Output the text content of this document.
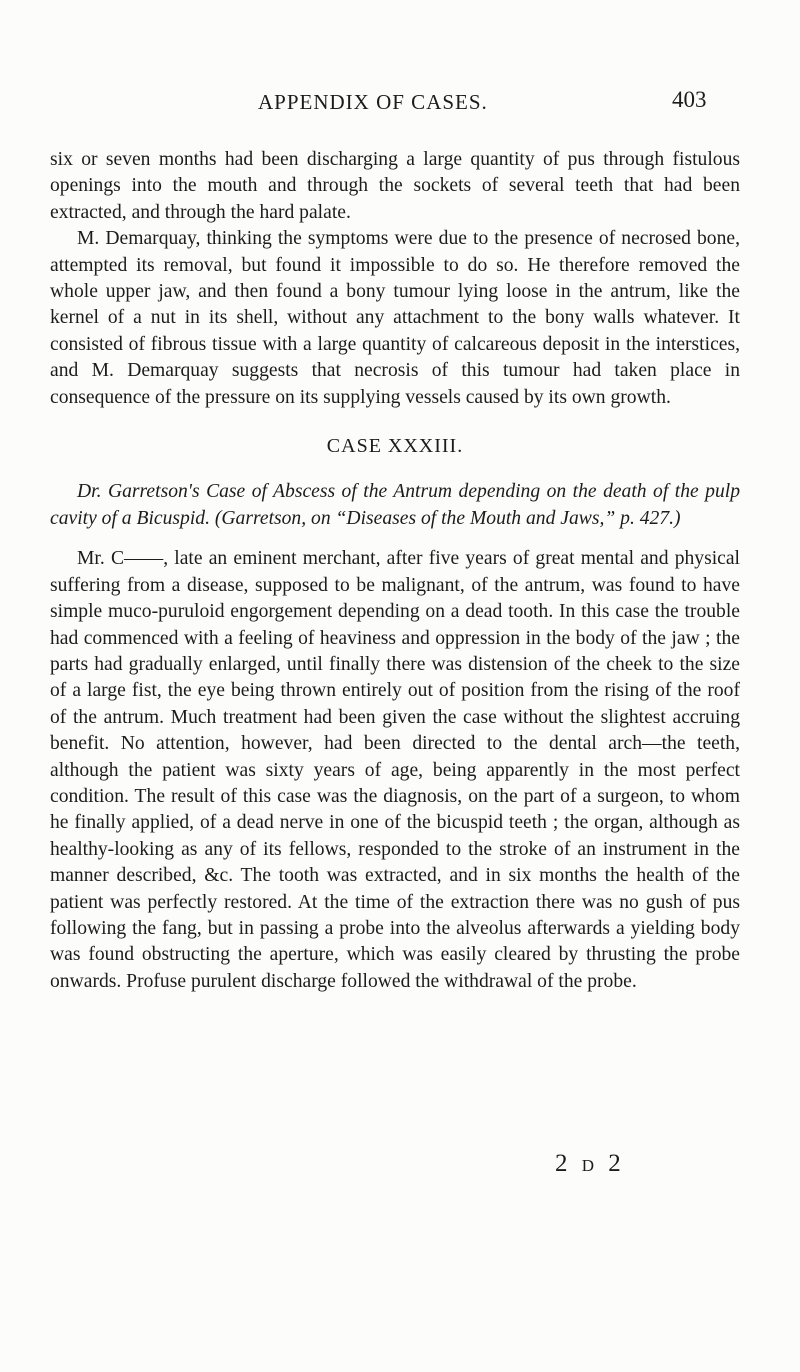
APPENDIX OF CASES.	403

six or seven months had been discharging a large quantity of pus through fistulous openings into the mouth and through the sockets of several teeth that had been extracted, and through the hard palate.

M. Demarquay, thinking the symptoms were due to the presence of necrosed bone, attempted its removal, but found it impossible to do so. He therefore removed the whole upper jaw, and then found a bony tumour lying loose in the antrum, like the kernel of a nut in its shell, without any attachment to the bony walls whatever. It consisted of fibrous tissue with a large quantity of calcareous deposit in the interstices, and M. Demarquay suggests that necrosis of this tumour had taken place in consequence of the pressure on its supplying vessels caused by its own growth.

CASE XXXIII.

Dr. Garretson's Case of Abscess of the Antrum depending on the death of the pulp cavity of a Bicuspid. (Garretson, on “Diseases of the Mouth and Jaws,” p. 427.)

Mr. C——, late an eminent merchant, after five years of great mental and physical suffering from a disease, supposed to be malignant, of the antrum, was found to have simple muco-puruloid engorgement depending on a dead tooth. In this case the trouble had commenced with a feeling of heaviness and oppression in the body of the jaw ; the parts had gradually enlarged, until finally there was distension of the cheek to the size of a large fist, the eye being thrown entirely out of position from the rising of the roof of the antrum. Much treatment had been given the case without the slightest accruing benefit. No attention, however, had been directed to the dental arch—the teeth, although the patient was sixty years of age, being apparently in the most perfect condition. The result of this case was the diagnosis, on the part of a surgeon, to whom he finally applied, of a dead nerve in one of the bicuspid teeth ; the organ, although as healthy-looking as any of its fellows, responded to the stroke of an instrument in the manner described, &c. The tooth was extracted, and in six months the health of the patient was perfectly restored. At the time of the extraction there was no gush of pus following the fang, but in passing a probe into the alveolus afterwards a yielding body was found obstructing the aperture, which was easily cleared by thrusting the probe onwards. Profuse purulent discharge followed the withdrawal of the probe.

2 D 2
